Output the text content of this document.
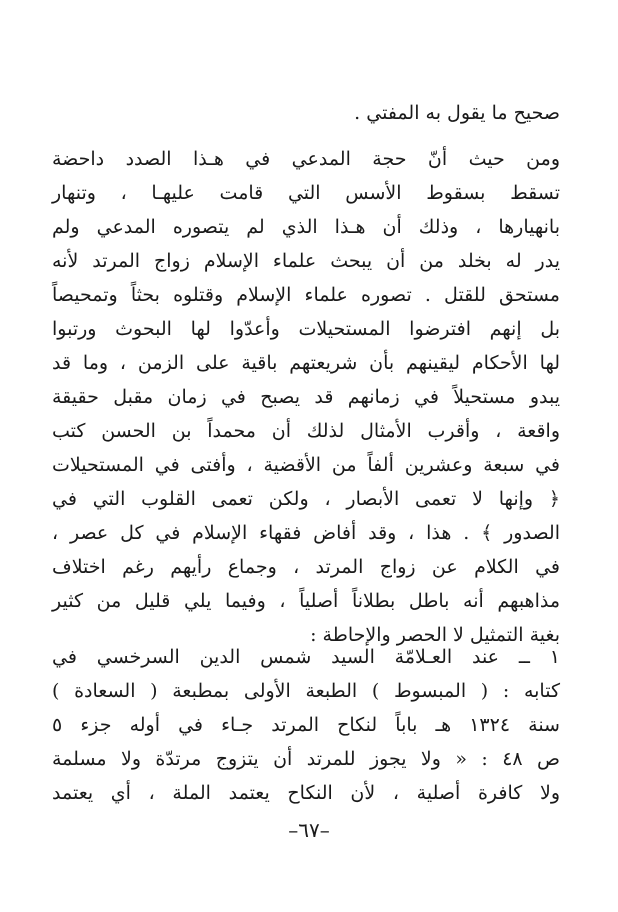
صحيح ما يقول به المفتي .
ومن حيث أنّ حجة المدعي في هـذا الصدد داحضة
تسقط بسقوط الأسس التي قامت عليهـا ، وتنهار
بانهيارها ، وذلك أن هـذا الذي لم يتصوره المدعي ولم
يدر له بخلد من أن يبحث علماء الإسلام زواج المرتد لأنه
مستحق للقتل . تصوره علماء الإسلام وقتلوه بحثاً وتمحيصاً
بل إنهم افترضوا المستحيلات وأعدّوا لها البحوث ورتبوا
لها الأحكام ليقينهم بأن شريعتهم باقية على الزمن ، وما قد
يبدو مستحيلاً في زمانهم قد يصبح في زمان مقبل حقيقة
واقعة ، وأقرب الأمثال لذلك أن محمداً بن الحسن كتب
في سبعة وعشرين ألفاً من الأقضية ، وأفتى في المستحيلات
﴿ وإنها لا تعمى الأبصار ، ولكن تعمى القلوب التي في
الصدور ﴾ . هذا ، وقد أفاض فقهاء الإسلام في كل عصر ،
في الكلام عن زواج المرتد ، وجماع رأيهم رغم اختلاف
مذاهبهم أنه باطل بطلاناً أصلياً ، وفيما يلي قليل من كثير
بغية التمثيل لا الحصر والإحاطة :
١ ــ عند العـلامّة السيد شمس الدين السرخسي في
كتابه : ( المبسوط ) الطبعة الأولى بمطبعة ( السعادة )
سنة ١٣٢٤ هـ باباً لنكاح المرتد جـاء في أوله جزء ٥
ص ٤٨ : « ولا يجوز للمرتد أن يتزوج مرتدّة ولا مسلمة
ولا كافرة أصلية ، لأن النكاح يعتمد الملة ، أي يعتمد
–٦٧–
